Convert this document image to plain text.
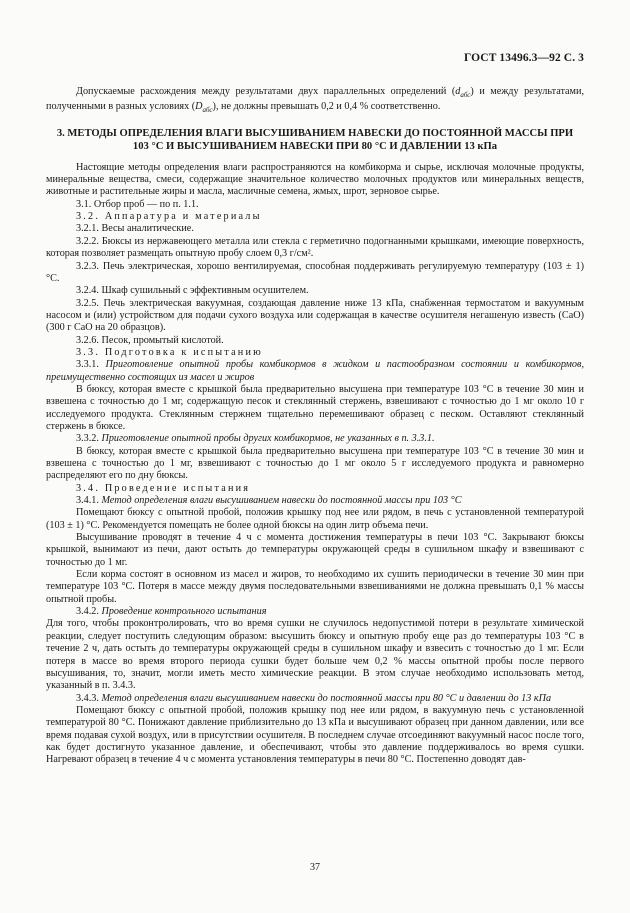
ГОСТ 13496.3—92 С. 3

Допускаемые расхождения между результатами двух параллельных определений $(d_{абс})$ и между результатами, полученными в разных условиях $(D_{абс})$, не должны превышать 0,2 и 0,4 % соответственно.

3. МЕТОДЫ ОПРЕДЕЛЕНИЯ ВЛАГИ ВЫСУШИВАНИЕМ НАВЕСКИ ДО ПОСТОЯННОЙ МАССЫ ПРИ 103 °С И ВЫСУШИВАНИЕМ НАВЕСКИ ПРИ 80 °С И ДАВЛЕНИИ 13 кПа

Настоящие методы определения влаги распространяются на комбикорма и сырье, исключая молочные продукты, минеральные вещества, смеси, содержащие значительное количество молочных продуктов или минеральных веществ, животные и растительные жиры и масла, масличные семена, жмых, шрот, зерновое сырье.

3.1. Отбор проб — по п. 1.1.

3.2. Аппаратура и материалы

3.2.1. Весы аналитические.

3.2.2. Бюксы из нержавеющего металла или стекла с герметично подогнанными крышками, имеющие поверхность, которая позволяет размещать опытную пробу слоем 0,3 г/см².

3.2.3. Печь электрическая, хорошо вентилируемая, способная поддерживать регулируемую температуру (103 ± 1) °С.

3.2.4. Шкаф сушильный с эффективным осушителем.

3.2.5. Печь электрическая вакуумная, создающая давление ниже 13 кПа, снабженная термостатом и вакуумным насосом и (или) устройством для подачи сухого воздуха или содержащая в качестве осушителя негашеную известь (СаО) (300 г СаО на 20 образцов).

3.2.6. Песок, промытый кислотой.

3.3. Подготовка к испытанию

3.3.1. Приготовление опытной пробы комбикормов в жидком и пастообразном состоянии и комбикормов, преимущественно состоящих из масел и жиров

В бюксу, которая вместе с крышкой была предварительно высушена при температуре 103 °С в течение 30 мин и взвешена с точностью до 1 мг, содержащую песок и стеклянный стержень, взвешивают с точностью до 1 мг около 10 г исследуемого продукта. Стеклянным стержнем тщательно перемешивают образец с песком. Оставляют стеклянный стержень в бюксе.

3.3.2. Приготовление опытной пробы других комбикормов, не указанных в п. 3.3.1.

В бюксу, которая вместе с крышкой была предварительно высушена при температуре 103 °С в течение 30 мин и взвешена с точностью до 1 мг, взвешивают с точностью до 1 мг около 5 г исследуемого продукта и равномерно распределяют его по дну бюксы.

3.4. Проведение испытания

3.4.1. Метод определения влаги высушиванием навески до постоянной массы при 103 °С

Помещают бюксу с опытной пробой, положив крышку под нее или рядом, в печь с установленной температурой (103 ± 1) °С. Рекомендуется помещать не более одной бюксы на один литр объема печи.

Высушивание проводят в течение 4 ч с момента достижения температуры в печи 103 °С. Закрывают бюксы крышкой, вынимают из печи, дают остыть до температуры окружающей среды в сушильном шкафу и взвешивают с точностью до 1 мг.

Если корма состоят в основном из масел и жиров, то необходимо их сушить периодически в течение 30 мин при температуре 103 °С. Потеря в массе между двумя последовательными взвешиваниями не должна превышать 0,1 % массы опытной пробы.

3.4.2. Проведение контрольного испытания

Для того, чтобы проконтролировать, что во время сушки не случилось недопустимой потери в результате химической реакции, следует поступить следующим образом: высушить бюксу и опытную пробу еще раз до температуры 103 °С в течение 2 ч, дать остыть до температуры окружающей среды в сушильном шкафу и взвесить с точностью до 1 мг. Если потеря в массе во время второго периода сушки будет больше чем 0,2 % массы опытной пробы после первого высушивания, то, значит, могли иметь место химические реакции. В этом случае необходимо использовать метод, указанный в п. 3.4.3.

3.4.3. Метод определения влаги высушиванием навески до постоянной массы при 80 °С и давлении до 13 кПа

Помещают бюксу с опытной пробой, положив крышку под нее или рядом, в вакуумную печь с установленной температурой 80 °С. Понижают давление приблизительно до 13 кПа и высушивают образец при данном давлении, или все время подавая сухой воздух, или в присутствии осушителя. В последнем случае отсоединяют вакуумный насос после того, как будет достигнуто указанное давление, и обеспечивают, чтобы это давление поддерживалось во время сушки. Нагревают образец в течение 4 ч с момента установления температуры в печи 80 °С. Постепенно доводят дав-

37
